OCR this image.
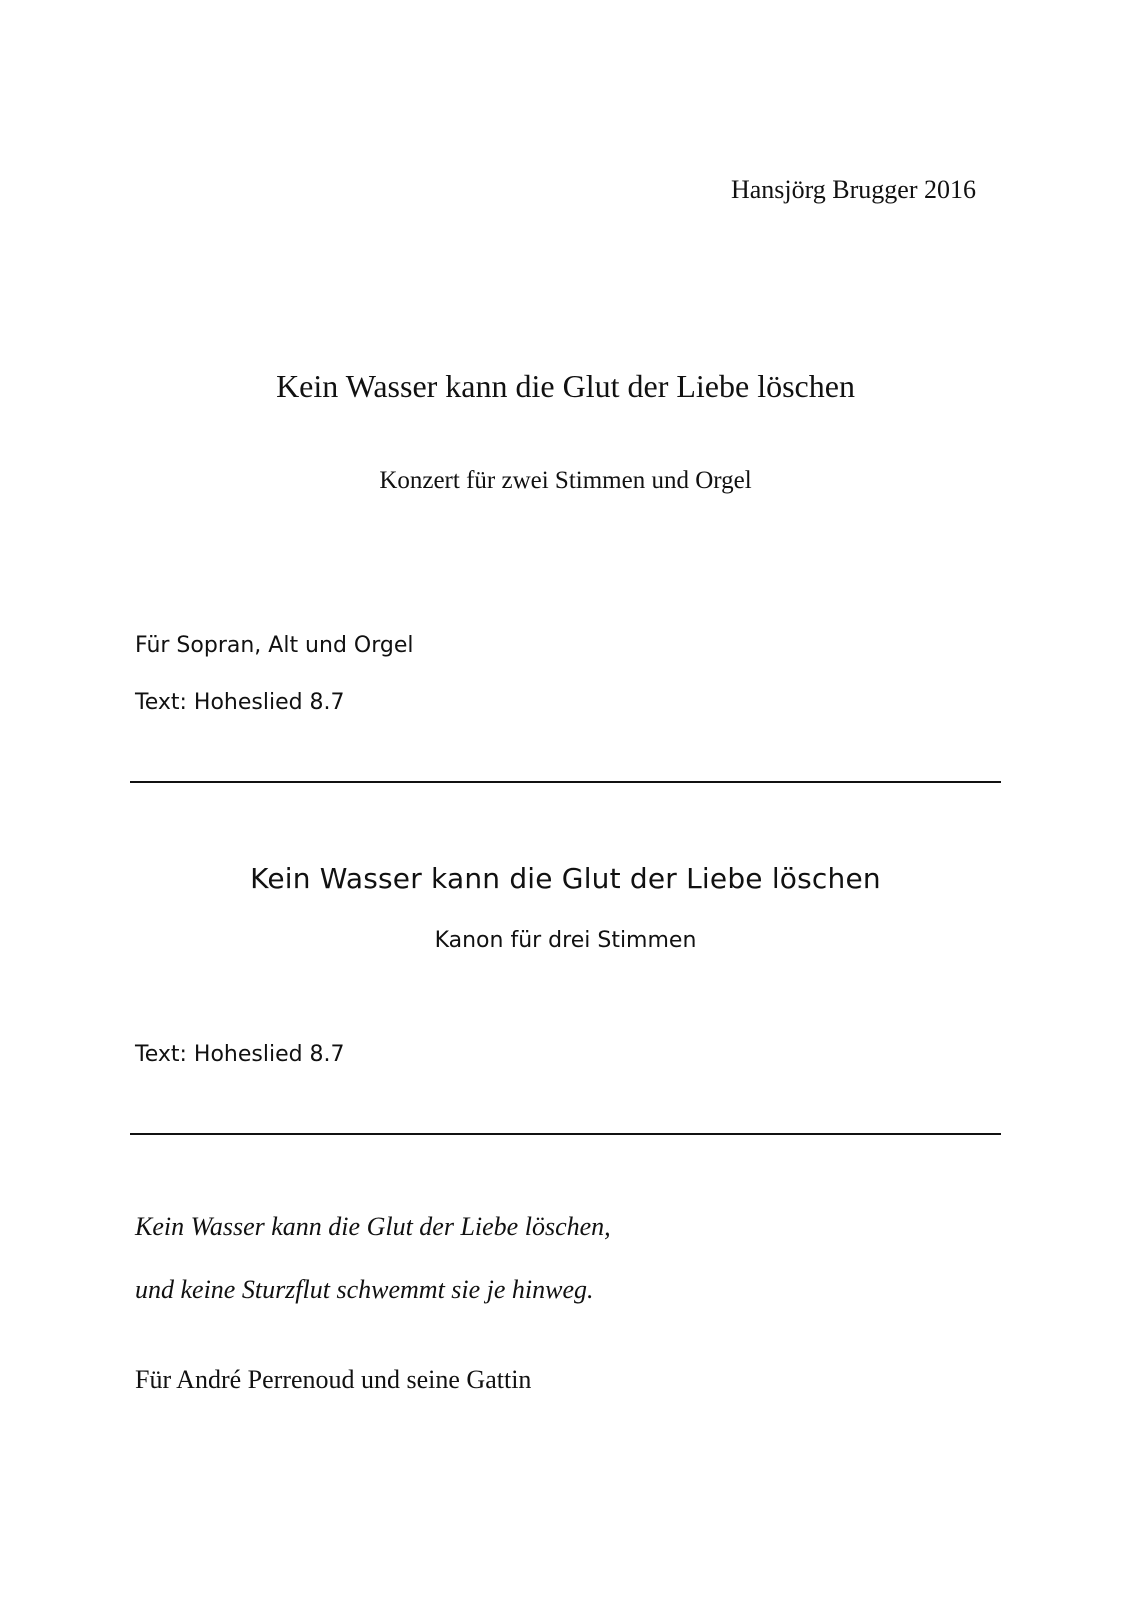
Hansjörg Brugger 2016
Kein Wasser kann die Glut der Liebe löschen
Konzert für zwei Stimmen und Orgel
Für Sopran, Alt und Orgel
Text: Hoheslied 8.7
Kein Wasser kann die Glut der Liebe löschen
Kanon für drei Stimmen
Text: Hoheslied 8.7
Kein Wasser kann die Glut der Liebe löschen,
und keine Sturzflut schwemmt sie je hinweg.
Für André Perrenoud und seine Gattin
